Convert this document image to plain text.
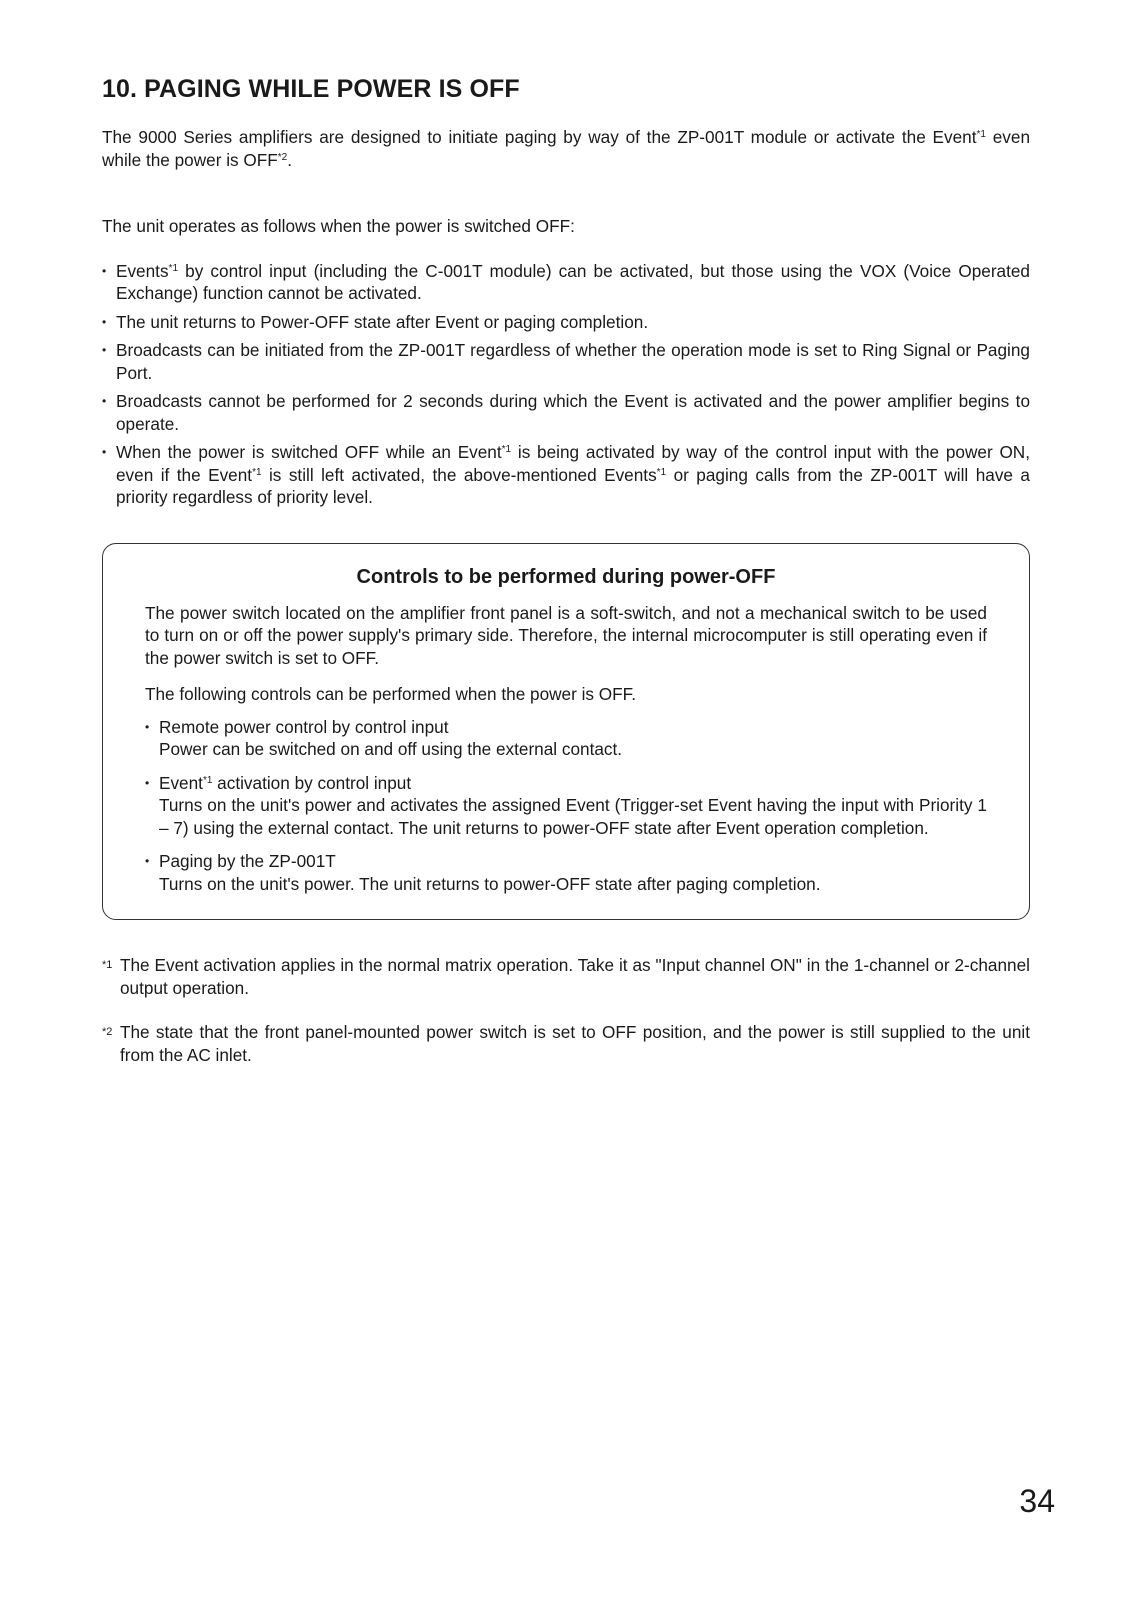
10. PAGING WHILE POWER IS OFF

The 9000 Series amplifiers are designed to initiate paging by way of the ZP-001T module or activate the Event$^{*1}$ even while the power is OFF$^{*2}$.

The unit operates as follows when the power is switched OFF:

• Events$^{*1}$ by control input (including the C-001T module) can be activated, but those using the VOX (Voice Operated Exchange) function cannot be activated.
• The unit returns to Power-OFF state after Event or paging completion.
• Broadcasts can be initiated from the ZP-001T regardless of whether the operation mode is set to Ring Signal or Paging Port.
• Broadcasts cannot be performed for 2 seconds during which the Event is activated and the power amplifier begins to operate.
• When the power is switched OFF while an Event$^{*1}$ is being activated by way of the control input with the power ON, even if the Event$^{*1}$ is still left activated, the above-mentioned Events$^{*1}$ or paging calls from the ZP-001T will have a priority regardless of priority level.
Controls to be performed during power-OFF

The power switch located on the amplifier front panel is a soft-switch, and not a mechanical switch to be used to turn on or off the power supply's primary side. Therefore, the internal microcomputer is still operating even if the power switch is set to OFF.

The following controls can be performed when the power is OFF.

• Remote power control by control input
Power can be switched on and off using the external contact.
• Event$^{*1}$ activation by control input
Turns on the unit's power and activates the assigned Event (Trigger-set Event having the input with Priority 1 – 7) using the external contact. The unit returns to power-OFF state after Event operation completion.
• Paging by the ZP-001T
Turns on the unit's power. The unit returns to power-OFF state after paging completion.

*1 The Event activation applies in the normal matrix operation. Take it as "Input channel ON" in the 1-channel or 2-channel output operation.

*2 The state that the front panel-mounted power switch is set to OFF position, and the power is still supplied to the unit from the AC inlet.

34
